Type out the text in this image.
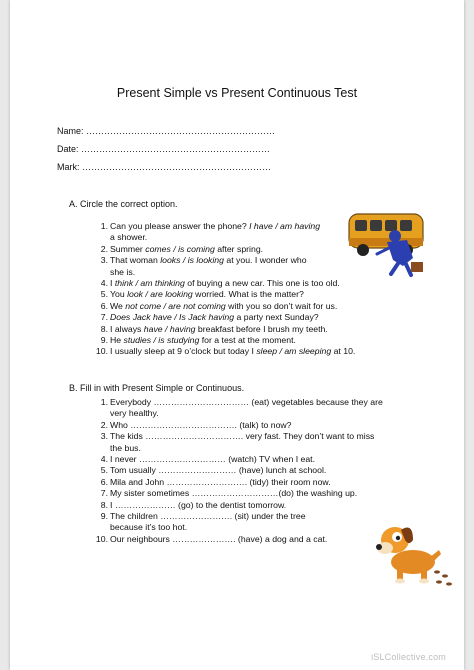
Present Simple vs Present Continuous Test
Name: ………………………………………………………
Date: ………………………………………………………
Mark: ………………………………………………………
A. Circle the correct option.
1. Can you please answer the phone? I have / am having
a shower.
2. Summer comes / is coming after spring.
3. That woman looks / is looking at you. I wonder who
she is.
4. I think / am thinking of buying a new car. This one is too old.
5. You look / are looking worried. What is the matter?
6. We not come / are not coming with you so don’t wait for us.
7. Does Jack have / Is Jack having a party next Sunday?
8. I always have / having breakfast before I brush my teeth.
9. He studies / is studying for a test at the moment.
10. I usually sleep at 9 o’clock but today I sleep / am sleeping at 10.
B. Fill in with Present Simple or Continuous.
1. Everybody …………………………… (eat) vegetables because they are
very healthy.
2. Who ………………………………. (talk) to now?
3. The kids ……………………………. very fast. They don’t want to miss
the bus.
4. I never ………………………… (watch) TV when I eat.
5. Tom usually ……………………… (have) lunch at school.
6. Mila and John ………………………. (tidy) their room now.
7. My sister sometimes …………………………(do) the washing up.
8. I ………………… (go) to the dentist tomorrow.
9. The children ……………………. (sit) under the tree
because it’s too hot.
10. Our neighbours …………………. (have) a dog and a cat.
iSLCollective.com
